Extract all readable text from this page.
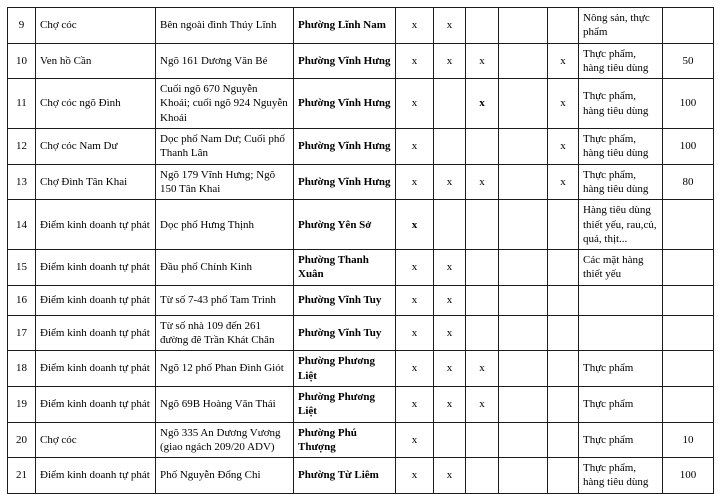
9	Chợ cóc	Bên ngoài đình Thúy Lĩnh	Phường Lĩnh Nam	x	x				Nông sản, thực phẩm	
10	Ven hồ Cần	Ngõ 161 Dương Văn Bé	Phường Vĩnh Hưng	x	x	x		x	Thực phẩm, hàng tiêu dùng	50
11	Chợ cóc ngõ Đình	Cuối ngõ 670 Nguyễn Khoái; cuối ngõ 924 Nguyễn Khoái	Phường Vĩnh Hưng	x		x		x	Thực phẩm, hàng tiêu dùng	100
12	Chợ cóc Nam Dư	Dọc phố Nam Dư; Cuối phố Thanh Lân	Phường Vĩnh Hưng	x				x	Thực phẩm, hàng tiêu dùng	100
13	Chợ Đình Tân Khai	Ngõ 179 Vĩnh Hưng; Ngõ 150 Tân Khai	Phường Vĩnh Hưng	x	x	x		x	Thực phẩm, hàng tiêu dùng	80
14	Điểm kinh doanh tự phát	Dọc phố Hưng Thịnh	Phường Yên Sở	x					Hàng tiêu dùng thiết yếu, rau,củ, quả, thịt...	
15	Điểm kinh doanh tự phát	Đầu phố Chính Kinh	Phường Thanh Xuân	x	x				Các mặt hàng thiết yếu	
16	Điểm kinh doanh tự phát	Từ số 7-43 phố Tam Trinh	Phường Vĩnh Tuy	x	x					
17	Điểm kinh doanh tự phát	Từ số nhà 109 đến 261 đường đê Trần Khát Chân	Phường Vĩnh Tuy	x	x					
18	Điểm kinh doanh tự phát	Ngõ 12 phố Phan Đình Giót	Phường Phương Liệt	x	x	x			Thực phẩm	
19	Điểm kinh doanh tự phát	Ngõ 69B Hoàng Văn Thái	Phường Phương Liệt	x	x	x			Thực phẩm	
20	Chợ cóc	Ngõ 335 An Dương Vương (giao ngách 209/20 ADV)	Phường Phú Thượng	x					Thực phẩm	10
21	Điểm kinh doanh tự phát	Phố Nguyễn Đổng Chi	Phường Từ Liêm	x	x				Thực phẩm, hàng tiêu dùng	100
